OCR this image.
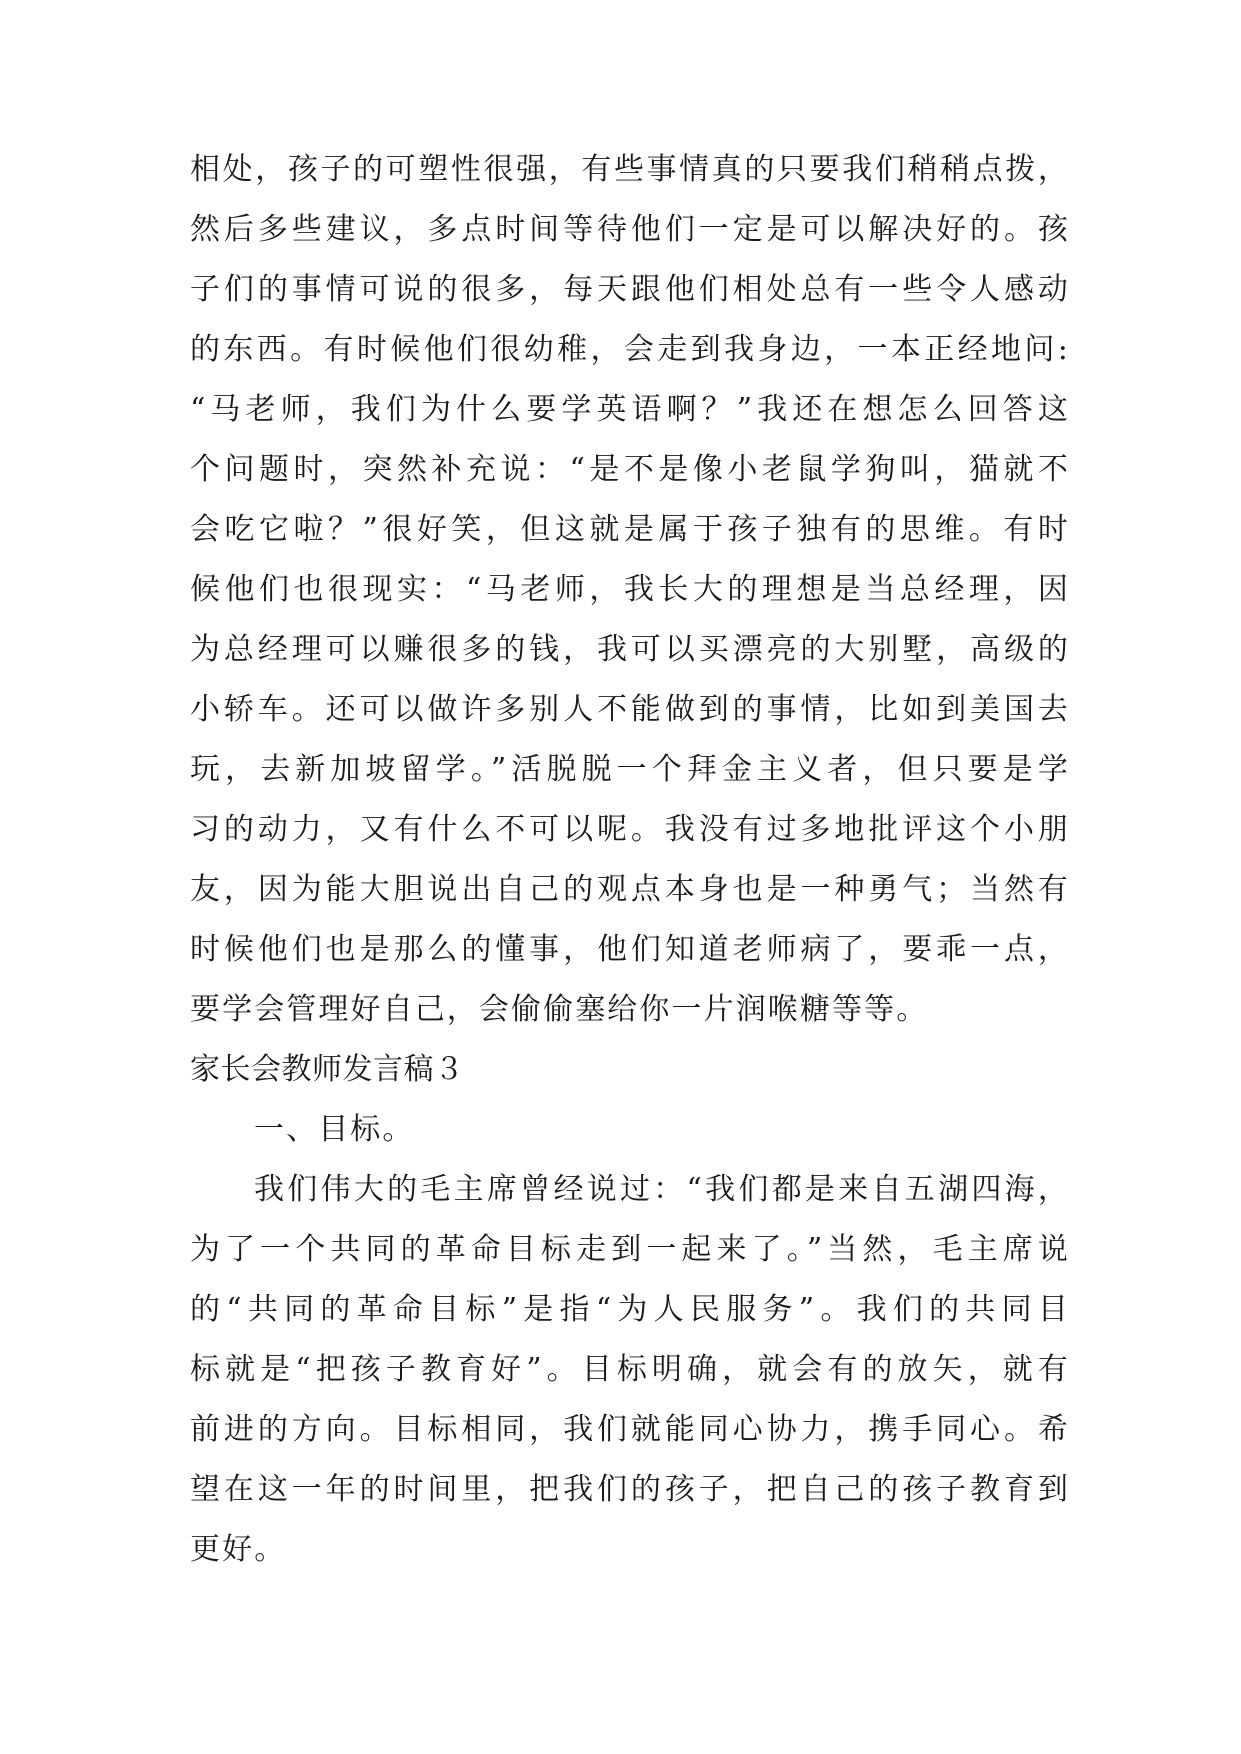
相处，孩子的可塑性很强，有些事情真的只要我们稍稍点拨，
然后多些建议，多点时间等待他们一定是可以解决好的。孩
子们的事情可说的很多，每天跟他们相处总有一些令人感动
的东西。有时候他们很幼稚，会走到我身边，一本正经地问:
“马老师，我们为什么要学英语啊？”我还在想怎么回答这
个问题时，突然补充说：“是不是像小老鼠学狗叫，猫就不
会吃它啦？”很好笑，但这就是属于孩子独有的思维。有时
候他们也很现实：“马老师，我长大的理想是当总经理，因
为总经理可以赚很多的钱，我可以买漂亮的大别墅，高级的
小轿车。还可以做许多别人不能做到的事情，比如到美国去
玩，去新加坡留学。”活脱脱一个拜金主义者，但只要是学
习的动力，又有什么不可以呢。我没有过多地批评这个小朋
友，因为能大胆说出自己的观点本身也是一种勇气；当然有
时候他们也是那么的懂事，他们知道老师病了，要乖一点，
要学会管理好自己，会偷偷塞给你一片润喉糖等等。
家长会教师发言稿３
一、目标。
我们伟大的毛主席曾经说过：“我们都是来自五湖四海，
为了一个共同的革命目标走到一起来了。”当然，毛主席说
的“共同的革命目标”是指“为人民服务”。我们的共同目
标就是“把孩子教育好”。目标明确，就会有的放矢，就有
前进的方向。目标相同，我们就能同心协力，携手同心。希
望在这一年的时间里，把我们的孩子，把自己的孩子教育到
更好。
